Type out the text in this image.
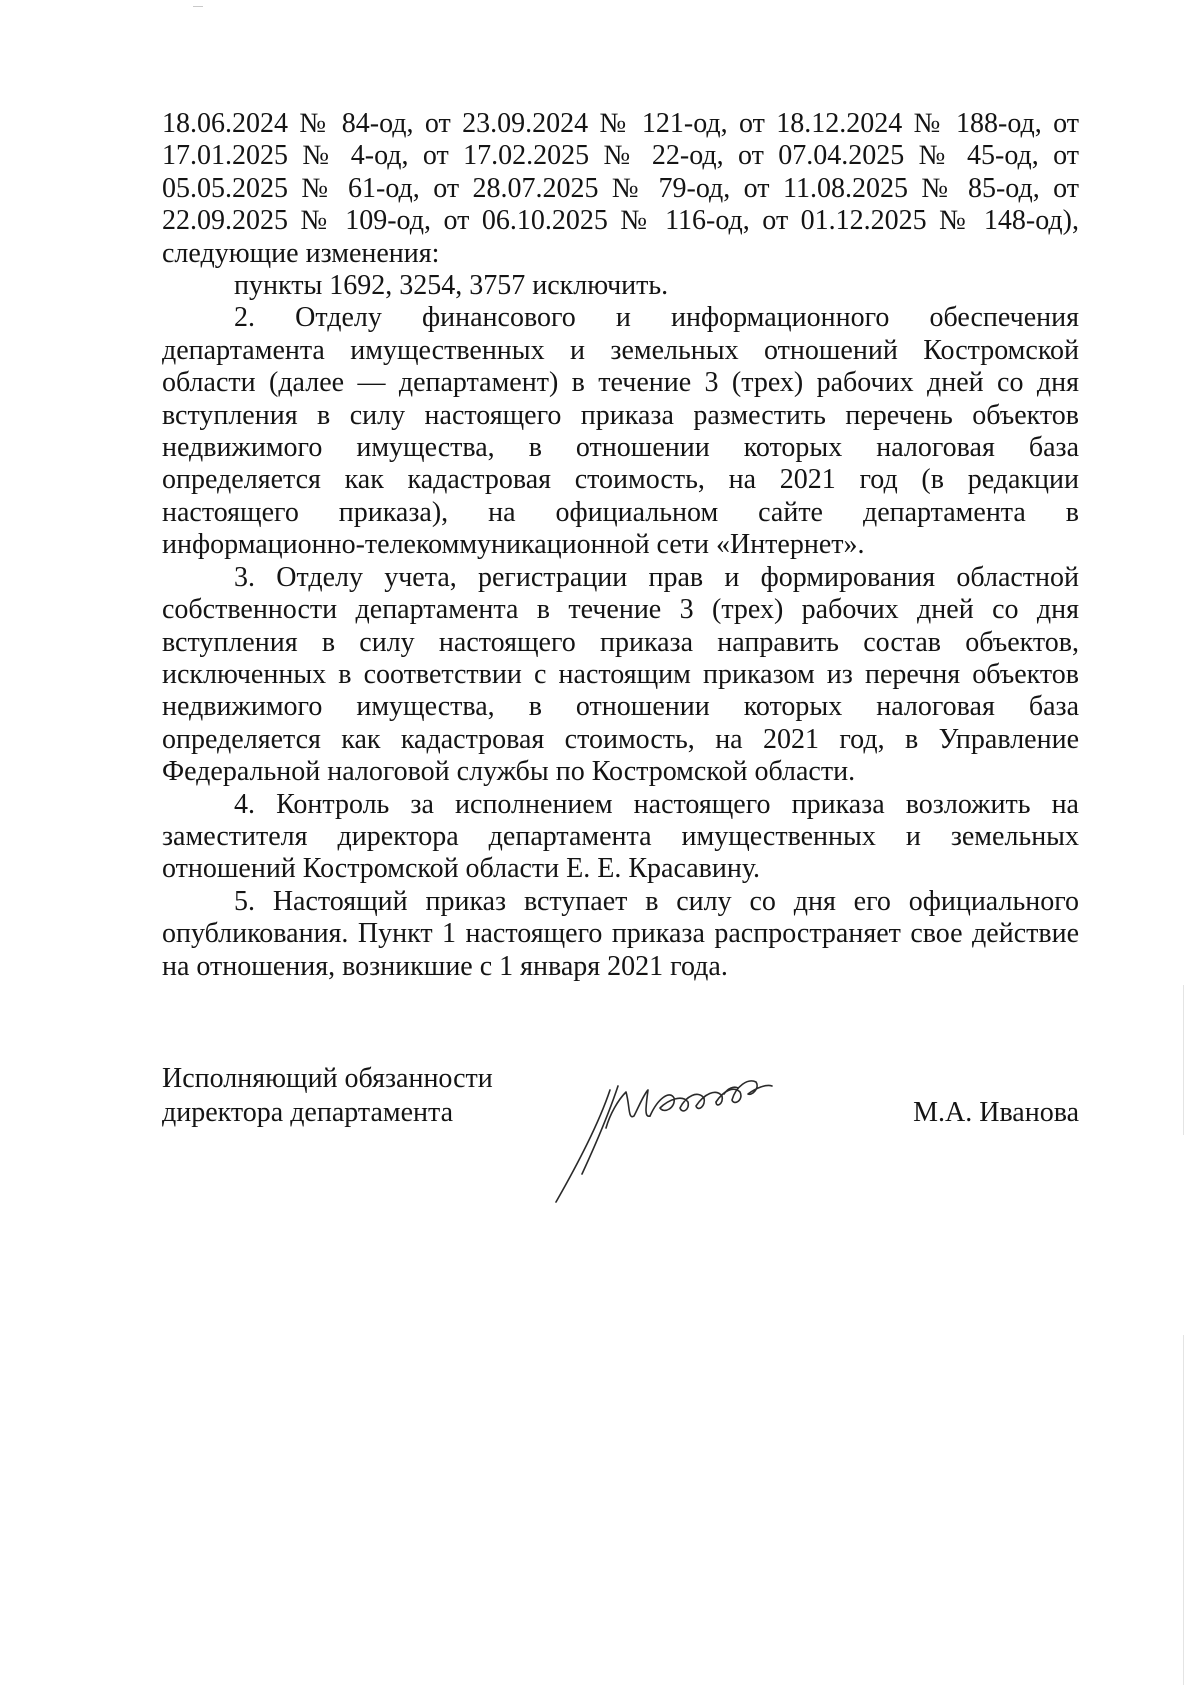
18.06.2024 № 84-од, от 23.09.2024 № 121-од, от 18.12.2024 № 188-од, от

17.01.2025 № 4-од, от 17.02.2025 № 22-од, от 07.04.2025 № 45-од, от

05.05.2025 № 61-од, от 28.07.2025 № 79-од, от 11.08.2025 № 85-од, от

22.09.2025 № 109-од, от 06.10.2025 № 116-од, от 01.12.2025 № 148-од),

следующие изменения:

пункты 1692, 3254, 3757 исключить.

2. Отделу финансового и информационного обеспечения

департамента имущественных и земельных отношений Костромской

области (далее — департамент) в течение 3 (трех) рабочих дней со дня

вступления в силу настоящего приказа разместить перечень объектов

недвижимого имущества, в отношении которых налоговая база

определяется как кадастровая стоимость, на 2021 год (в редакции

настоящего приказа), на официальном сайте департамента в

информационно-телекоммуникационной сети «Интернет».

3. Отделу учета, регистрации прав и формирования областной

собственности департамента в течение 3 (трех) рабочих дней со дня

вступления в силу настоящего приказа направить состав объектов,

исключенных в соответствии с настоящим приказом из перечня объектов

недвижимого имущества, в отношении которых налоговая база

определяется как кадастровая стоимость, на 2021 год, в Управление

Федеральной налоговой службы по Костромской области.

4. Контроль за исполнением настоящего приказа возложить на

заместителя директора департамента имущественных и земельных

отношений Костромской области Е. Е. Красавину.

5. Настоящий приказ вступает в силу со дня его официального

опубликования. Пункт 1 настоящего приказа распространяет свое действие

на отношения, возникшие с 1 января 2021 года.

Исполняющий обязанности
директора департамента	М.А. Иванова
